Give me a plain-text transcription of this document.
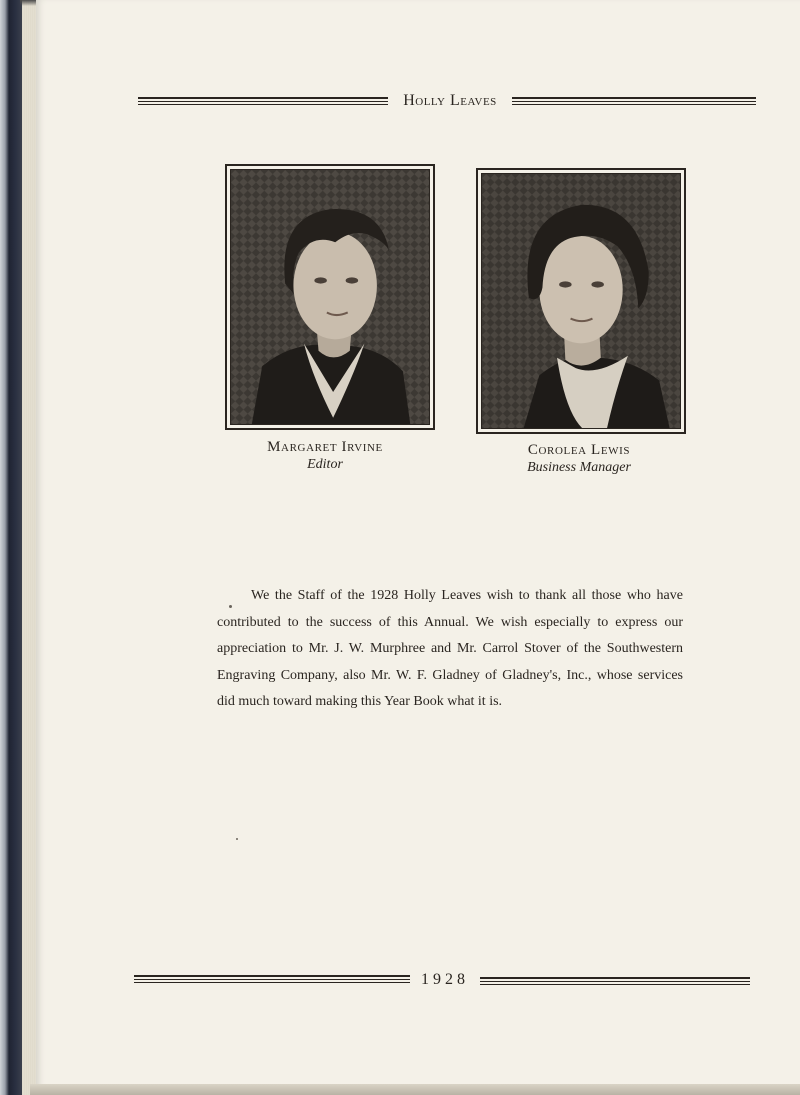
Holly Leaves
Margaret Irvine
Editor
Corolea Lewis
Business Manager

We the Staff of the 1928 Holly Leaves wish to thank all those who have contributed to the success of this Annual. We wish especially to express our appreciation to Mr. J. W. Murphree and Mr. Carrol Stover of the Southwestern Engraving Company, also Mr. W. F. Gladney of Gladney's, Inc., whose services did much toward making this Year Book what it is.

1928
